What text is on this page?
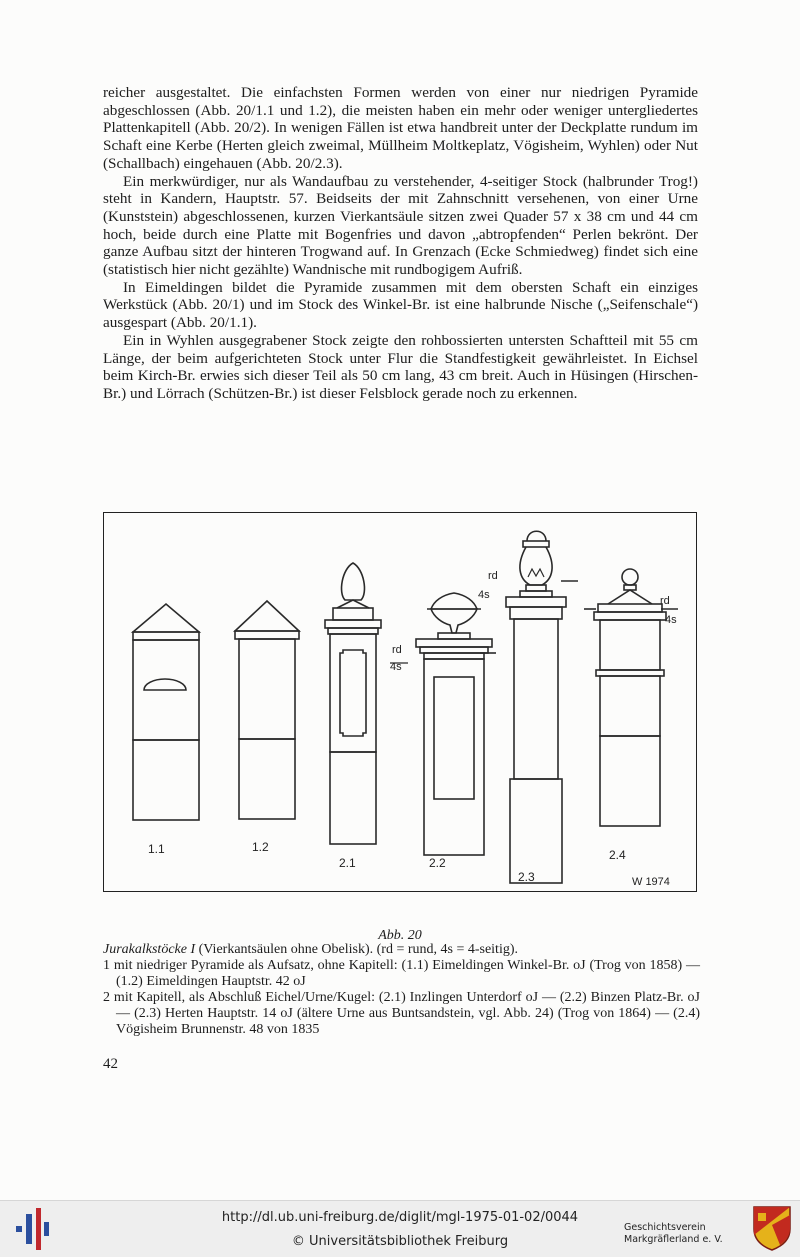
reicher ausgestaltet. Die einfachsten Formen werden von einer nur niedrigen Pyramide abgeschlossen (Abb. 20/1.1 und 1.2), die meisten haben ein mehr oder weniger untergliedertes Plattenkapitell (Abb. 20/2). In wenigen Fällen ist etwa handbreit unter der Deckplatte rundum im Schaft eine Kerbe (Herten gleich zweimal, Müllheim Moltkeplatz, Vögisheim, Wyhlen) oder Nut (Schallbach) eingehauen (Abb. 20/2.3).

Ein merkwürdiger, nur als Wandaufbau zu verstehender, 4-seitiger Stock (halbrunder Trog!) steht in Kandern, Hauptstr. 57. Beidseits der mit Zahnschnitt versehenen, von einer Urne (Kunststein) abgeschlossenen, kurzen Vierkantsäule sitzen zwei Quader 57 x 38 cm und 44 cm hoch, beide durch eine Platte mit Bogenfries und davon „abtropfenden“ Perlen bekrönt. Der ganze Aufbau sitzt der hinteren Trogwand auf. In Grenzach (Ecke Schmiedweg) findet sich eine (statistisch hier nicht gezählte) Wandnische mit rundbogigem Aufriß.

In Eimeldingen bildet die Pyramide zusammen mit dem obersten Schaft ein einziges Werkstück (Abb. 20/1) und im Stock des Winkel-Br. ist eine halbrunde Nische („Seifenschale“) ausgespart (Abb. 20/1.1).

Ein in Wyhlen ausgegrabener Stock zeigte den rohbossierten untersten Schaftteil mit 55 cm Länge, der beim aufgerichteten Stock unter Flur die Standfestigkeit gewährleistet. In Eichsel beim Kirch-Br. erwies sich dieser Teil als 50 cm lang, 43 cm breit. Auch in Hüsingen (Hirschen-Br.) und Lörrach (Schützen-Br.) ist dieser Felsblock gerade noch zu erkennen.

rd
4s
rd
4s	rd
4s
1.1	1.2
2.1	2.2
2.3
2.4
W 1974
Abb. 20
Jurakalkstöcke I (Vierkantsäulen ohne Obelisk). (rd = rund, 4s = 4-seitig).
1 mit niedriger Pyramide als Aufsatz, ohne Kapitell: (1.1) Eimeldingen Winkel-Br. oJ (Trog von 1858) — (1.2) Eimeldingen Hauptstr. 42 oJ
2 mit Kapitell, als Abschluß Eichel/Urne/Kugel: (2.1) Inzlingen Unterdorf oJ — (2.2) Binzen Platz-Br. oJ — (2.3) Herten Hauptstr. 14 oJ (ältere Urne aus Buntsandstein, vgl. Abb. 24) (Trog von 1864) — (2.4) Vögisheim Brunnenstr. 48 von 1835
42
http://dl.ub.uni-freiburg.de/diglit/mgl-1975-01-02/0044
© Universitätsbibliothek Freiburg
Geschichtsverein
Markgräflerland e. V.
